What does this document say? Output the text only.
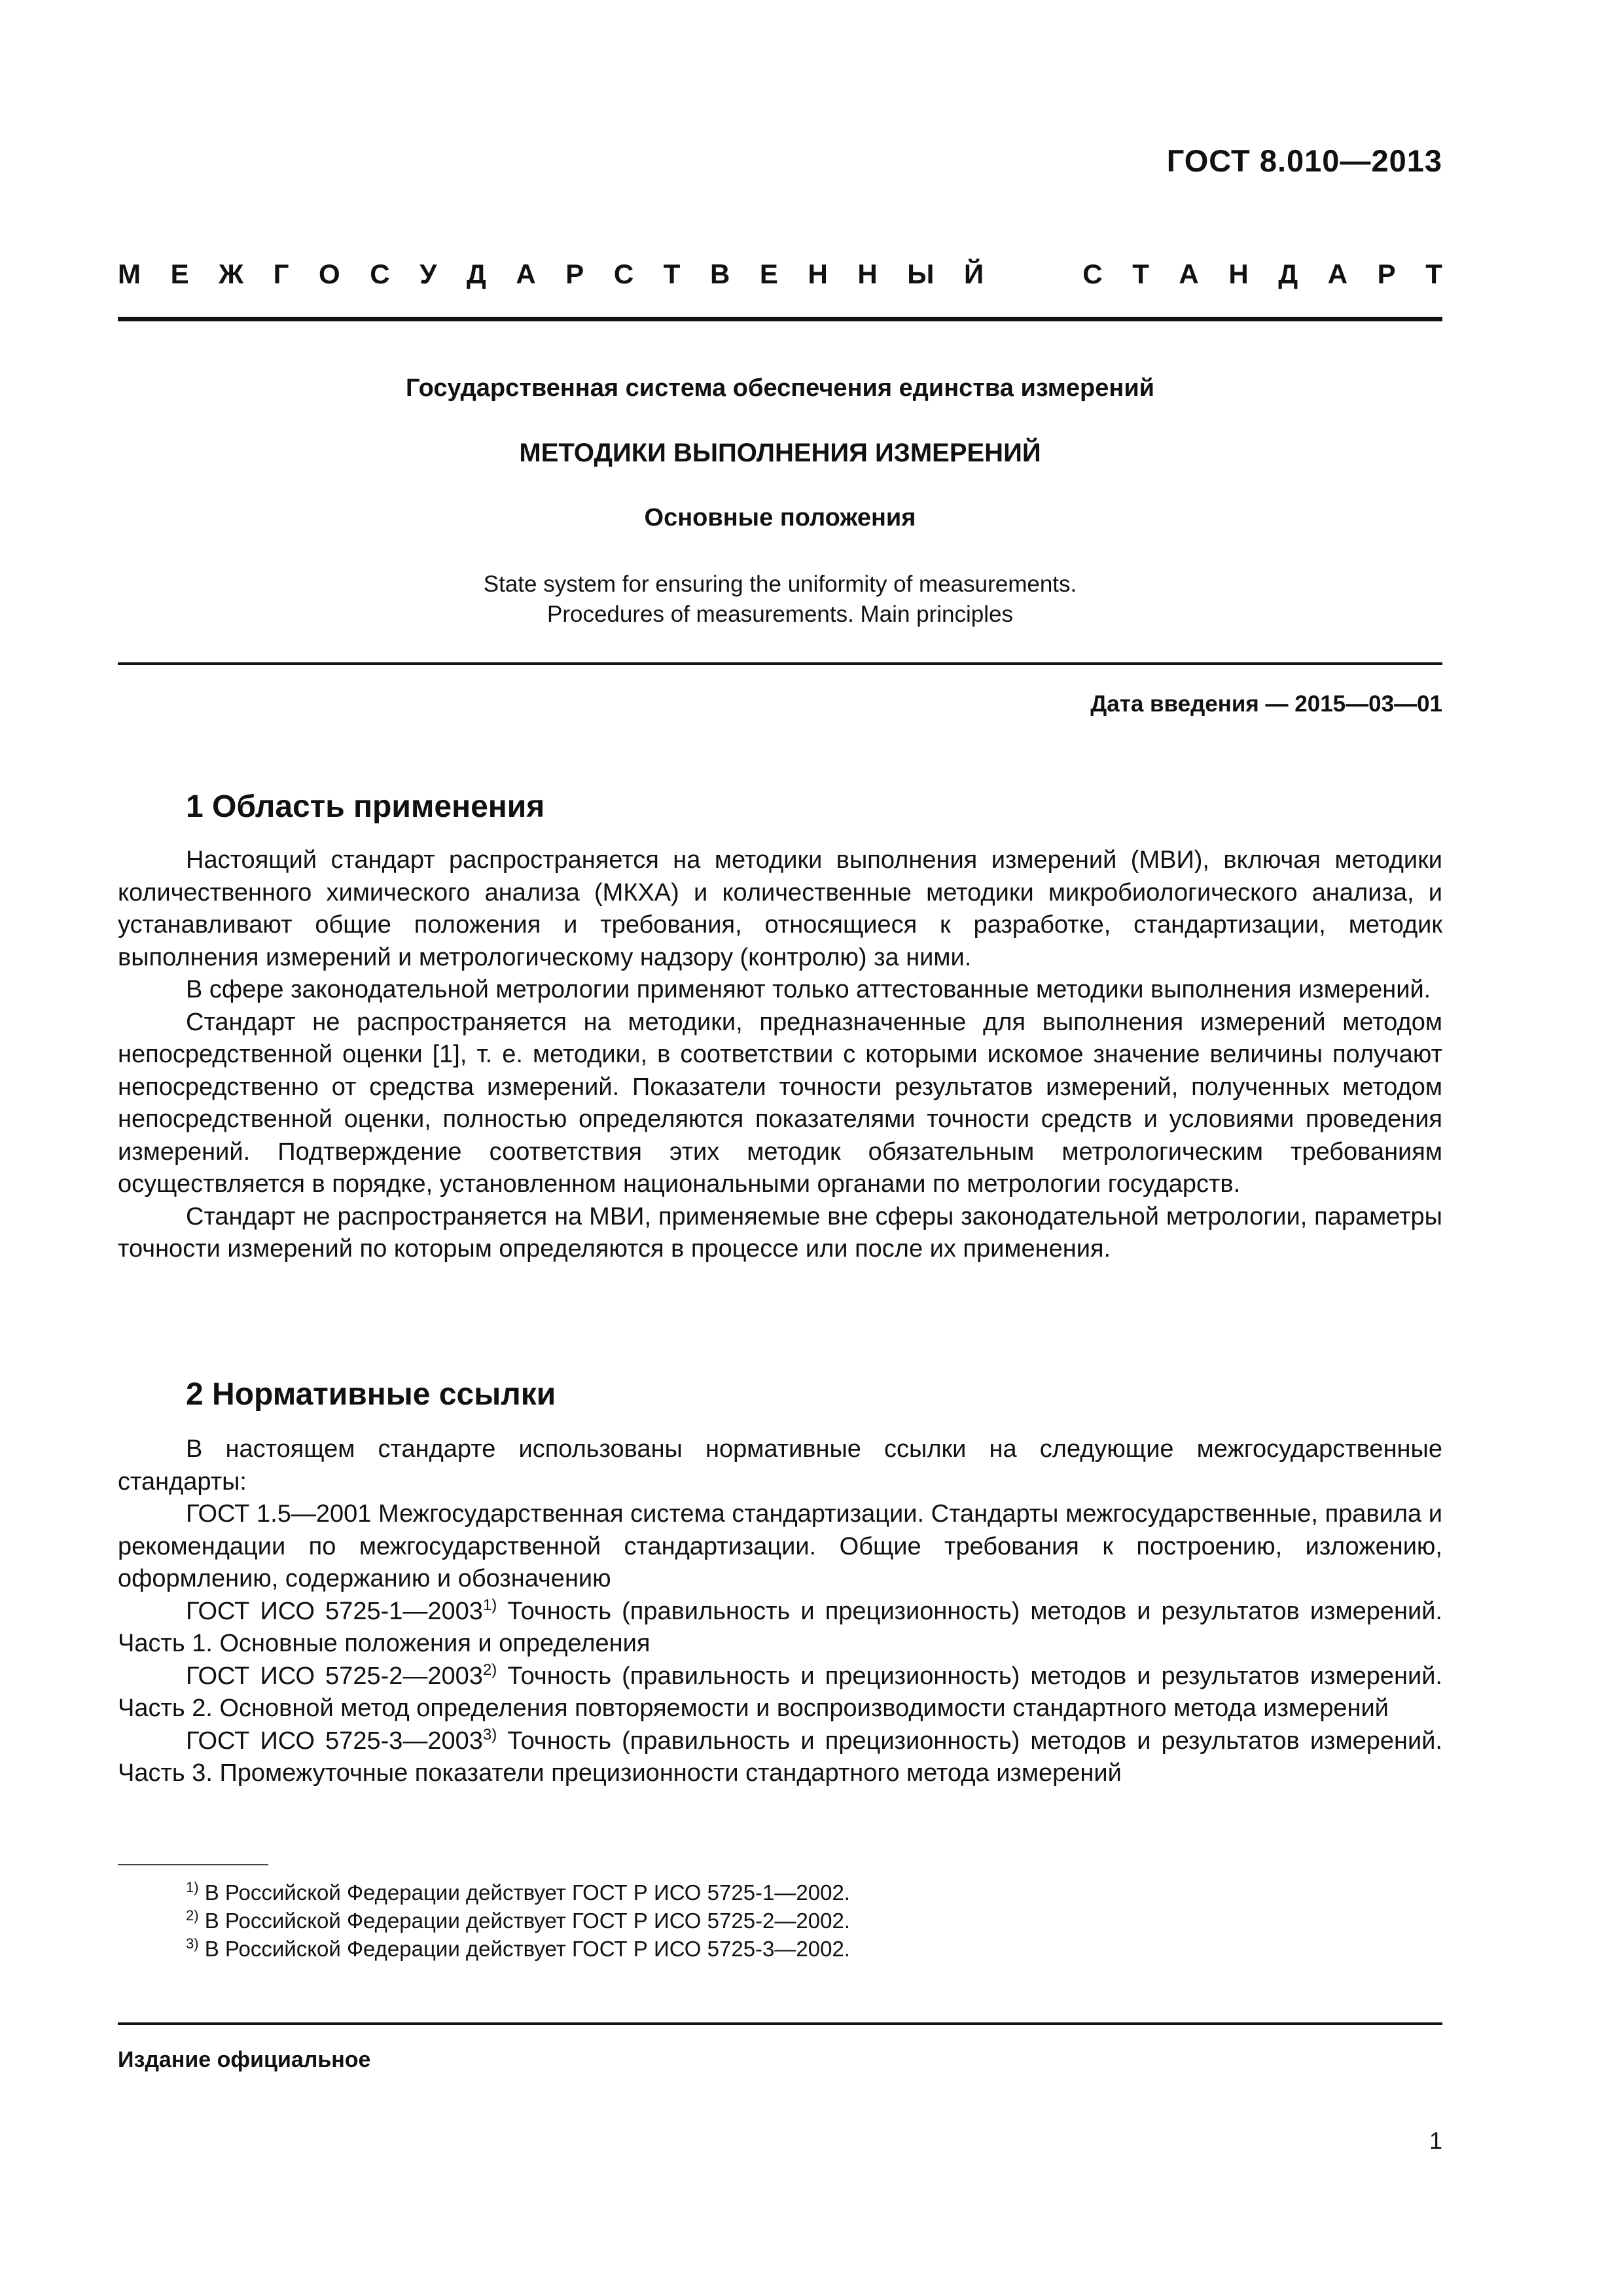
ГОСТ 8.010—2013
М Е Ж Г О С У Д А Р С Т В Е Н Н Ы Й	С Т А Н Д А Р Т
Государственная система обеспечения единства измерений
МЕТОДИКИ ВЫПОЛНЕНИЯ ИЗМЕРЕНИЙ
Основные положения
State system for ensuring the uniformity of measurements.
Procedures of measurements. Main principles
Дата введения — 2015—03—01
1 Область применения

Настоящий стандарт распространяется на методики выполнения измерений (МВИ), включая методики количественного химического анализа (МКХА) и количественные методики микробиологического анализа, и устанавливают общие положения и требования, относящиеся к разработке, стандартизации, методик выполнения измерений и метрологическому надзору (контролю) за ними.

В сфере законодательной метрологии применяют только аттестованные методики выполнения измерений.

Стандарт не распространяется на методики, предназначенные для выполнения измерений методом непосредственной оценки [1], т. е. методики, в соответствии с которыми искомое значение величины получают непосредственно от средства измерений. Показатели точности результатов измерений, полученных методом непосредственной оценки, полностью определяются показателями точности средств и условиями проведения измерений. Подтверждение соответствия этих методик обязательным метрологическим требованиям осуществляется в порядке, установленном национальными органами по метрологии государств.

Стандарт не распространяется на МВИ, применяемые вне сферы законодательной метрологии, параметры точности измерений по которым определяются в процессе или после их применения.

2 Нормативные ссылки

В настоящем стандарте использованы нормативные ссылки на следующие межгосударственные стандарты:

ГОСТ 1.5—2001 Межгосударственная система стандартизации. Стандарты межгосударственные, правила и рекомендации по межгосударственной стандартизации. Общие требования к построению, изложению, оформлению, содержанию и обозначению

ГОСТ ИСО 5725-1—2003$^{1)}$ Точность (правильность и прецизионность) методов и результатов измерений. Часть 1. Основные положения и определения

ГОСТ ИСО 5725-2—2003$^{2)}$ Точность (правильность и прецизионность) методов и результатов измерений. Часть 2. Основной метод определения повторяемости и воспроизводимости стандартного метода измерений

ГОСТ ИСО 5725-3—2003$^{3)}$ Точность (правильность и прецизионность) методов и результатов измерений. Часть 3. Промежуточные показатели прецизионности стандартного метода измерений

$^{1)}$ В Российской Федерации действует ГОСТ Р ИСО 5725-1—2002.
$^{2)}$ В Российской Федерации действует ГОСТ Р ИСО 5725-2—2002.
$^{3)}$ В Российской Федерации действует ГОСТ Р ИСО 5725-3—2002.
Издание официальное
1
